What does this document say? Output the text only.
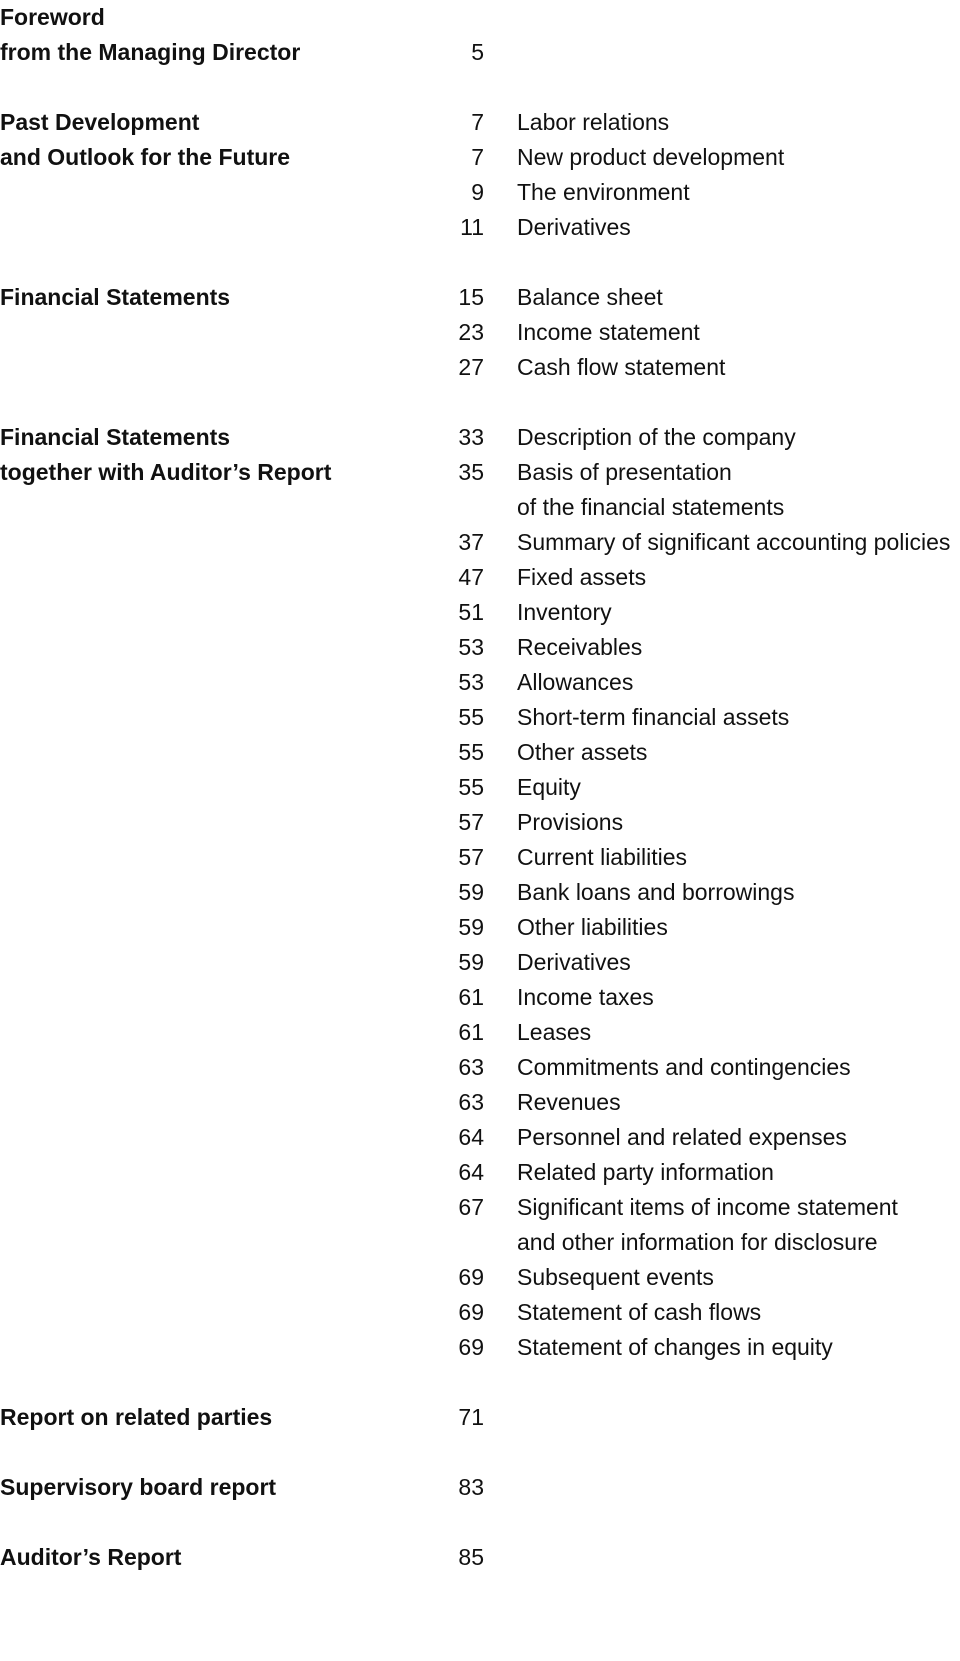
Foreword
from the Managing Director	5
Past Development	7 Labor relations
and Outlook for the Future	7 New product development
9 The environment
11 Derivatives
Financial Statements	15 Balance sheet
23 Income statement
27 Cash flow statement
Financial Statements	33 Description of the company
together with Auditor’s Report	35 Basis of presentation
of the financial statements
37 Summary of significant accounting policies
47 Fixed assets
51 Inventory
53 Receivables
53 Allowances
55 Short-term financial assets
55 Other assets
55 Equity
57 Provisions
57 Current liabilities
59 Bank loans and borrowings
59 Other liabilities
59 Derivatives
61 Income taxes
61 Leases
63 Commitments and contingencies
63 Revenues
64 Personnel and related expenses
64 Related party information
67 Significant items of income statement
and other information for disclosure
69 Subsequent events
69 Statement of cash flows
69 Statement of changes in equity
Report on related parties	71
Supervisory board report	83
Auditor’s Report	85
